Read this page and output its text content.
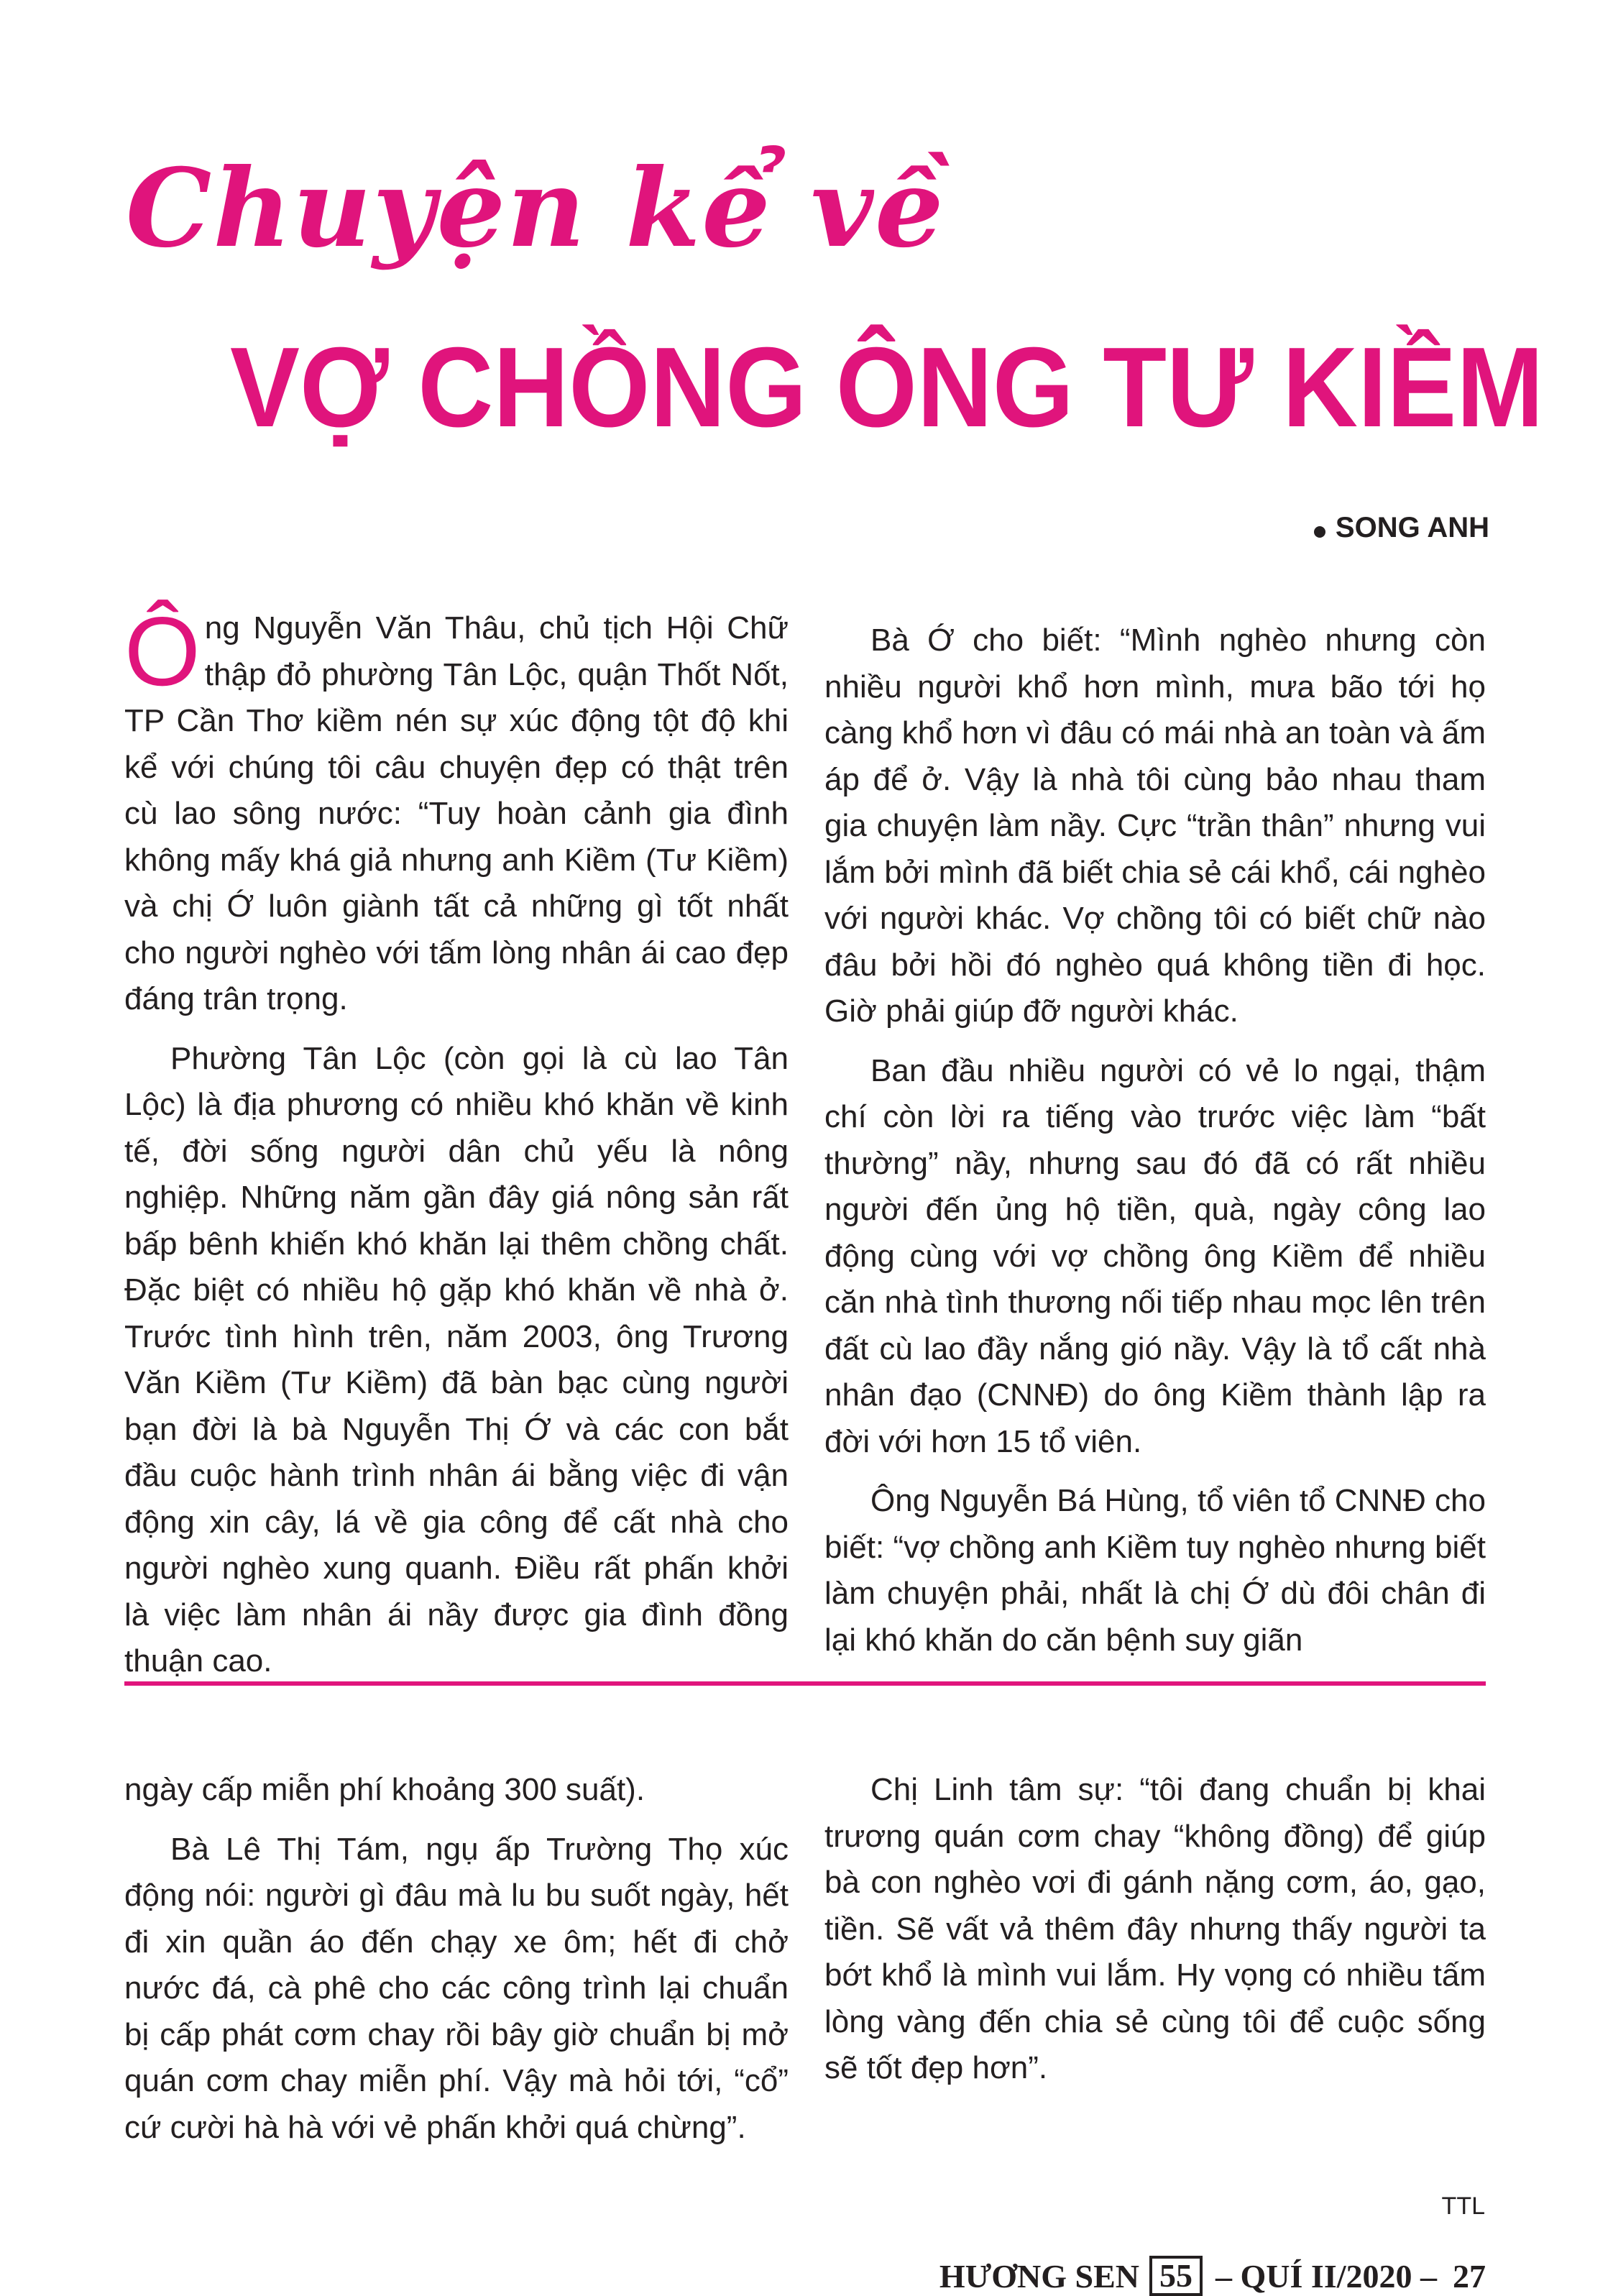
Chuyện kể về
VỢ CHỒNG ÔNG TƯ KIỀM
SONG ANH

Ông Nguyễn Văn Thâu, chủ tịch Hội Chữ thập đỏ phường Tân Lộc, quận Thốt Nốt, TP Cần Thơ kiềm nén sự xúc động tột độ khi kể với chúng tôi câu chuyện đẹp có thật trên cù lao sông nước: “Tuy hoàn cảnh gia đình không mấy khá giả nhưng anh Kiềm (Tư Kiềm) và chị Ớ luôn giành tất cả những gì tốt nhất cho người nghèo với tấm lòng nhân ái cao đẹp đáng trân trọng.

Phường Tân Lộc (còn gọi là cù lao Tân Lộc) là địa phương có nhiều khó khăn về kinh tế, đời sống người dân chủ yếu là nông nghiệp. Những năm gần đây giá nông sản rất bấp bênh khiến khó khăn lại thêm chồng chất. Đặc biệt có nhiều hộ gặp khó khăn về nhà ở. Trước tình hình trên, năm 2003, ông Trương Văn Kiềm (Tư Kiềm) đã bàn bạc cùng người bạn đời là bà Nguyễn Thị Ớ và các con bắt đầu cuộc hành trình nhân ái bằng việc đi vận động xin cây, lá về gia công để cất nhà cho người nghèo xung quanh. Điều rất phấn khởi là việc làm nhân ái nầy được gia đình đồng thuận cao.

Bà Ớ cho biết: “Mình nghèo nhưng còn nhiều người khổ hơn mình, mưa bão tới họ càng khổ hơn vì đâu có mái nhà an toàn và ấm áp để ở. Vậy là nhà tôi cùng bảo nhau tham gia chuyện làm nầy. Cực “trần thân” nhưng vui lắm bởi mình đã biết chia sẻ cái khổ, cái nghèo với người khác. Vợ chồng tôi có biết chữ nào đâu bởi hồi đó nghèo quá không tiền đi học. Giờ phải giúp đỡ người khác.

Ban đầu nhiều người có vẻ lo ngại, thậm chí còn lời ra tiếng vào trước việc làm “bất thường” nầy, nhưng sau đó đã có rất nhiều người đến ủng hộ tiền, quà, ngày công lao động cùng với vợ chồng ông Kiềm để nhiều căn nhà tình thương nối tiếp nhau mọc lên trên đất cù lao đầy nắng gió nầy. Vậy là tổ cất nhà nhân đạo (CNNĐ) do ông Kiềm thành lập ra đời với hơn 15 tổ viên.

Ông Nguyễn Bá Hùng, tổ viên tổ CNNĐ cho biết: “vợ chồng anh Kiềm tuy nghèo nhưng biết làm chuyện phải, nhất là chị Ớ dù đôi chân đi lại khó khăn do căn bệnh suy giãn

ngày cấp miễn phí khoảng 300 suất).

Bà Lê Thị Tám, ngụ ấp Trường Thọ xúc động nói: người gì đâu mà lu bu suốt ngày, hết đi xin quần áo đến chạy xe ôm; hết đi chở nước đá, cà phê cho các công trình lại chuẩn bị cấp phát cơm chay rồi bây giờ chuẩn bị mở quán cơm chay miễn phí. Vậy mà hỏi tới, “cổ” cứ cười hà hà với vẻ phấn khởi quá chừng”.

Chị Linh tâm sự: “tôi đang chuẩn bị khai trương quán cơm chay “không đồng) để giúp bà con nghèo vơi đi gánh nặng cơm, áo, gạo, tiền. Sẽ vất vả thêm đây nhưng thấy người ta bớt khổ là mình vui lắm. Hy vọng có nhiều tấm lòng vàng đến chia sẻ cùng tôi để cuộc sống sẽ tốt đẹp hơn”.

TTL
HƯƠNG SEN 55 – QUÍ II/2020 – 27
